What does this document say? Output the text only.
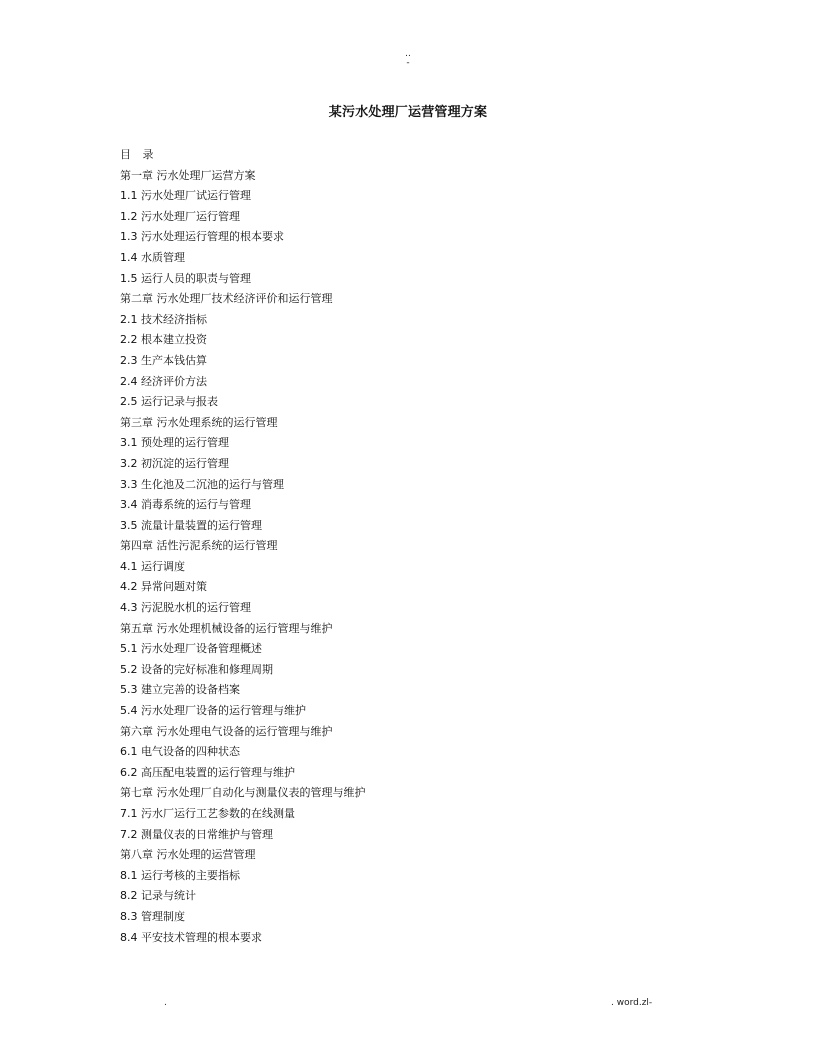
..
-
某污水处理厂运营管理方案
目 录
第一章 污水处理厂运营方案
1.1 污水处理厂试运行管理
1.2 污水处理厂运行管理
1.3 污水处理运行管理的根本要求
1.4 水质管理
1.5 运行人员的职责与管理
第二章 污水处理厂技术经济评价和运行管理
2.1 技术经济指标
2.2 根本建立投资
2.3 生产本钱估算
2.4 经济评价方法
2.5 运行记录与报表
第三章 污水处理系统的运行管理
3.1 预处理的运行管理
3.2 初沉淀的运行管理
3.3 生化池及二沉池的运行与管理
3.4 消毒系统的运行与管理
3.5 流量计量装置的运行管理
第四章 活性污泥系统的运行管理
4.1 运行调度
4.2 异常问题对策
4.3 污泥脱水机的运行管理
第五章 污水处理机械设备的运行管理与维护
5.1 污水处理厂设备管理概述
5.2 设备的完好标准和修理周期
5.3 建立完善的设备档案
5.4 污水处理厂设备的运行管理与维护
第六章 污水处理电气设备的运行管理与维护
6.1 电气设备的四种状态
6.2 高压配电装置的运行管理与维护
第七章 污水处理厂自动化与测量仪表的管理与维护
7.1 污水厂运行工艺参数的在线测量
7.2 测量仪表的日常维护与管理
第八章 污水处理的运营管理
8.1 运行考核的主要指标
8.2 记录与统计
8.3 管理制度
8.4 平安技术管理的根本要求
.	. word.zl-
